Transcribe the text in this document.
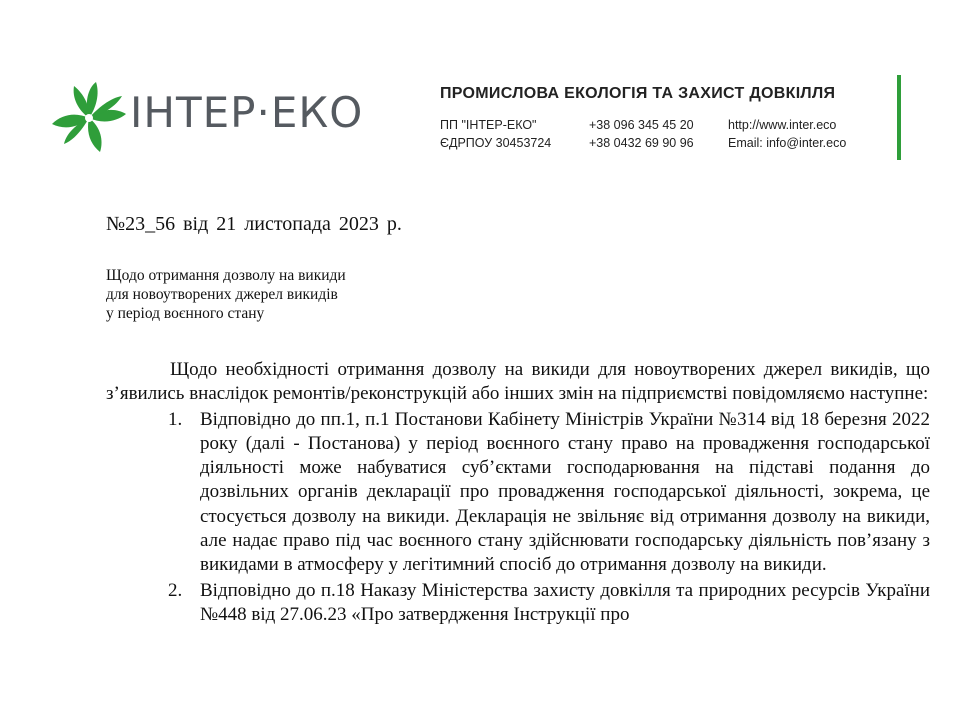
ІНТЕР·ЕКО	ПРОМИСЛОВА ЕКОЛОГІЯ ТА ЗАХИСТ ДОВКІЛЛЯ
ПП "ІНТЕР-ЕКО"	+38 096 345 45 20	http://www.inter.eco
ЄДРПОУ 30453724	+38 0432 69 90 96	Email: info@inter.eco
№23_56 від 21 листопада 2023 р.
Щодо отримання дозволу на викиди
для новоутворених джерел викидів
у період воєнного стану

Щодо необхідності отримання дозволу на викиди для новоутворених джерел викидів, що з’явились внаслідок ремонтів/реконструкцій або інших змін на підприємстві повідомляємо наступне:

1. Відповідно до пп.1, п.1 Постанови Кабінету Міністрів України №314 від 18 березня 2022 року (далі - Постанова) у період воєнного стану право на провадження господарської діяльності може набуватися суб’єктами господарювання на підставі подання до дозвільних органів декларації про провадження господарської діяльності, зокрема, це стосується дозволу на викиди. Декларація не звільняє від отримання дозволу на викиди, але надає право під час воєнного стану здійснювати господарську діяльність пов’язану з викидами в атмосферу у легітимний спосіб до отримання дозволу на викиди.
2. Відповідно до п.18 Наказу Міністерства захисту довкілля та природних ресурсів України №448 від 27.06.23 «Про затвердження Інструкції про
